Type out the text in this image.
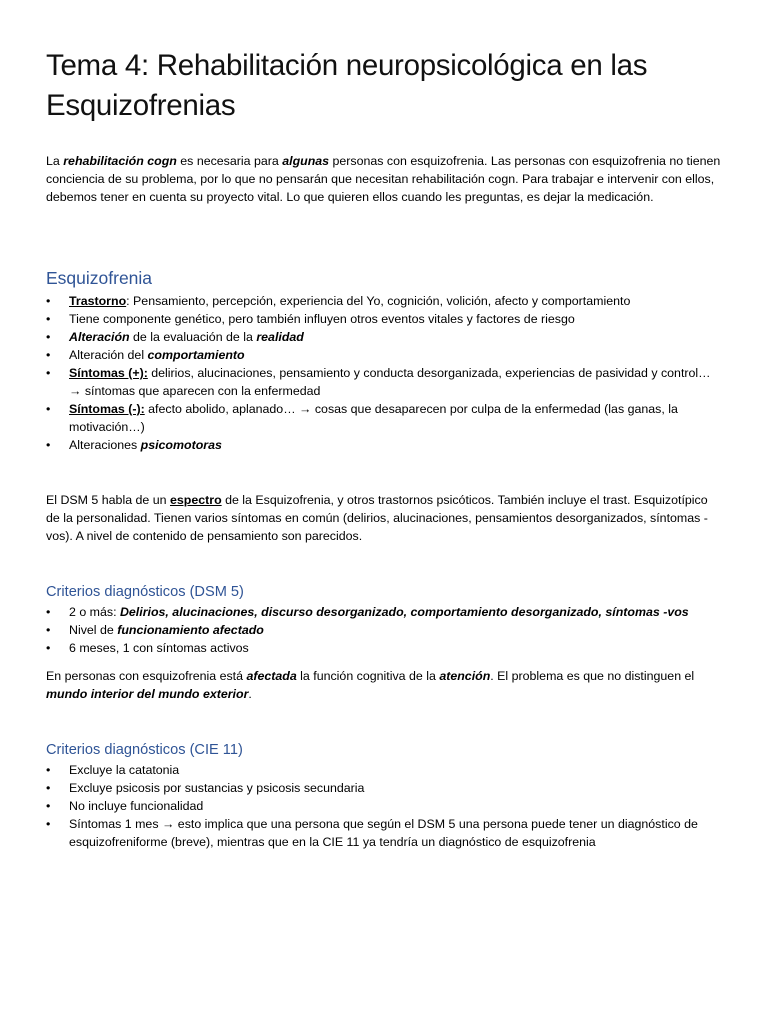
Tema 4: Rehabilitación neuropsicológica en las Esquizofrenias
La rehabilitación cogn es necesaria para algunas personas con esquizofrenia. Las personas con esquizofrenia no tienen conciencia de su problema, por lo que no pensarán que necesitan rehabilitación cogn. Para trabajar e intervenir con ellos, debemos tener en cuenta su proyecto vital. Lo que quieren ellos cuando les preguntas, es dejar la medicación.
Esquizofrenia
•	Trastorno: Pensamiento, percepción, experiencia del Yo, cognición, volición, afecto y comportamiento
•	Tiene componente genético, pero también influyen otros eventos vitales y factores de riesgo
•	Alteración de la evaluación de la realidad
•	Alteración del comportamiento
•	Síntomas (+): delirios, alucinaciones, pensamiento y conducta desorganizada, experiencias de pasividad y control… → síntomas que aparecen con la enfermedad
•	Síntomas (-): afecto abolido, aplanado… → cosas que desaparecen por culpa de la enfermedad (las ganas, la motivación…)
•	Alteraciones psicomotoras
El DSM 5 habla de un espectro de la Esquizofrenia, y otros trastornos psicóticos. También incluye el trast. Esquizotípico de la personalidad. Tienen varios síntomas en común (delirios, alucinaciones, pensamientos desorganizados, síntomas -vos). A nivel de contenido de pensamiento son parecidos.
Criterios diagnósticos (DSM 5)
•	2 o más: Delirios, alucinaciones, discurso desorganizado, comportamiento desorganizado, síntomas -vos
•	Nivel de funcionamiento afectado
•	6 meses, 1 con síntomas activos
En personas con esquizofrenia está afectada la función cognitiva de la atención. El problema es que no distinguen el mundo interior del mundo exterior.
Criterios diagnósticos (CIE 11)
•	Excluye la catatonia
•	Excluye psicosis por sustancias y psicosis secundaria
•	No incluye funcionalidad
•	Síntomas 1 mes → esto implica que una persona que según el DSM 5 una persona puede tener un diagnóstico de esquizofreniforme (breve), mientras que en la CIE 11 ya tendría un diagnóstico de esquizofrenia
